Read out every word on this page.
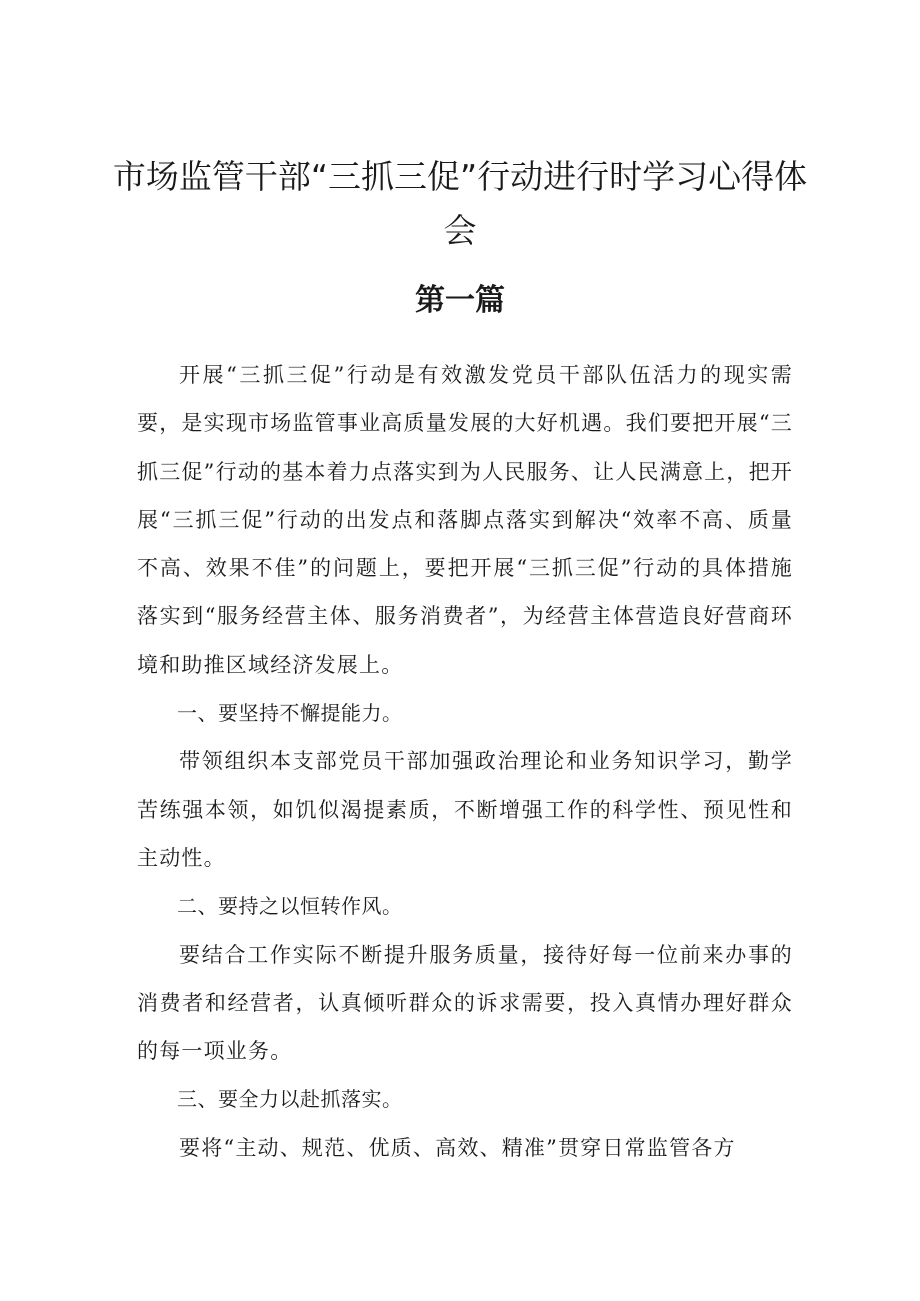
市场监管干部“三抓三促”行动进行时学习心得体会
第一篇

开展“三抓三促”行动是有效激发党员干部队伍活力的现实需要，是实现市场监管事业高质量发展的大好机遇。我们要把开展“三抓三促”行动的基本着力点落实到为人民服务、让人民满意上，把开展“三抓三促”行动的出发点和落脚点落实到解决“效率不高、质量不高、效果不佳”的问题上，要把开展“三抓三促”行动的具体措施落实到“服务经营主体、服务消费者”，为经营主体营造良好营商环境和助推区域经济发展上。

一、要坚持不懈提能力。

带领组织本支部党员干部加强政治理论和业务知识学习，勤学苦练强本领，如饥似渴提素质，不断增强工作的科学性、预见性和主动性。

二、要持之以恒转作风。

要结合工作实际不断提升服务质量，接待好每一位前来办事的消费者和经营者，认真倾听群众的诉求需要，投入真情办理好群众的每一项业务。

三、要全力以赴抓落实。

要将“主动、规范、优质、高效、精准”贯穿日常监管各方
